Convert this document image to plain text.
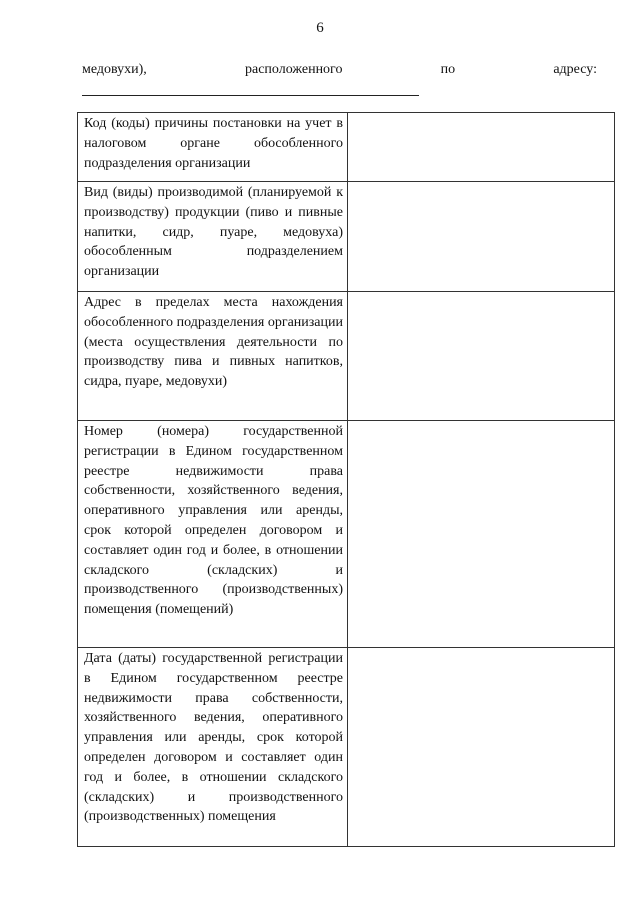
6
медовухи),	расположенного	по	адресу:
Код (коды) причины постановки на учет в налоговом органе обособленного подразделения организации	

Вид (виды) производимой (планируемой к производству) продукции (пиво и пивные напитки, сидр, пуаре, медовуха) обособленным подразделением организации	

Адрес в пределах места нахождения обособленного подразделения организации (места осуществления деятельности по производству пива и пивных напитков, сидра, пуаре, медовухи)	

Номер (номера) государственной регистрации в Едином государственном реестре недвижимости права собственности, хозяйственного ведения, оперативного управления или аренды, срок которой определен договором и составляет один год и более, в отношении складского (складских) и производственного (производственных) помещения (помещений)	

Дата (даты) государственной регистрации в Едином государственном реестре недвижимости права собственности, хозяйственного ведения, оперативного управления или аренды, срок которой определен договором и составляет один год и более, в отношении складского (складских) и производственного (производственных) помещения	
